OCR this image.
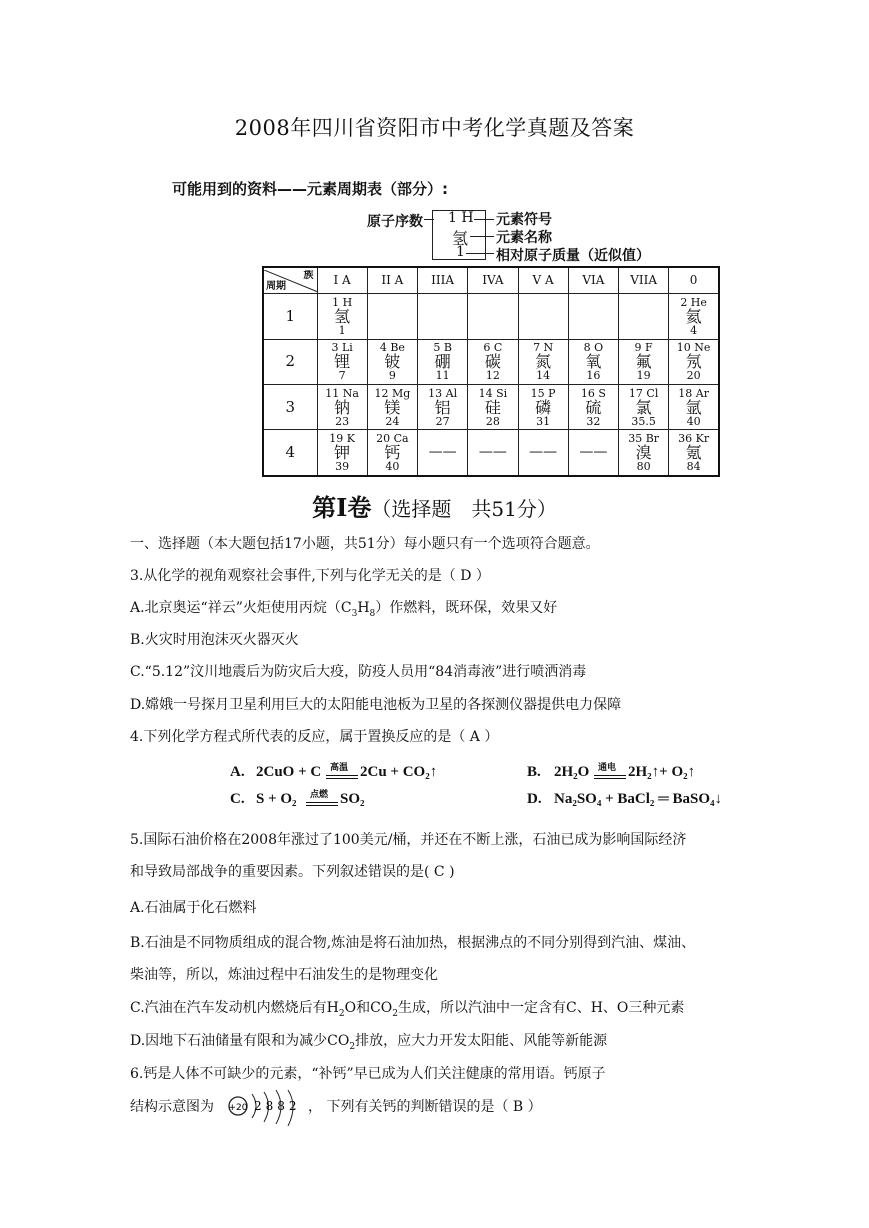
2008年四川省资阳市中考化学真题及答案
可能用到的资料——元素周期表（部分）:
原子序数 1 H
氢
1
元素符号
元素名称
相对原子质量（近似值）
族
周期	I A	II A	IIIA	IVA	V A	VIA	VIIA	0
1	1 H
氢
1							2 He
氦
4

2	3 Li
锂
7	4 Be
铍
9	5 B
硼
11	6 C
碳
12	7 N
氮
14	8 O
氧
16	9 F
氟
19	10 Ne
氖
20

3	11 Na
钠
23	12 Mg
镁
24	13 Al
铝
27	14 Si
硅
28	15 P
磷
31	16 S
硫
32	17 Cl
氯
35.5	18 Ar
氩
40

4	19 K
钾
39	20 Ca
钙
40	——	——	——	——	35 Br
溴
80	36 Kr
氪
84
第Ⅰ卷（选择题　共51分）
一、选择题（本大题包括17小题，共51分）每小题只有一个选项符合题意。
3.从化学的视角观察社会事件,下列与化学无关的是（ D ）
A.北京奥运“祥云”火炬使用丙烷$(C_3H_8)$作燃料，既环保，效果又好
B.火灾时用泡沫灭火器灭火
C.“5.12”汶川地震后为防灾后大疫，防疫人员用“84消毒液”进行喷洒消毒
D.嫦娥一号探月卫星利用巨大的太阳能电池板为卫星的各探测仪器提供电力保障
4.下列化学方程式所代表的反应，属于置换反应的是（ A ）
A. 2CuO + C 高温 2Cu + CO₂↑	B. 2H₂O 通电 2H₂↑+ O₂↑
C. S + O₂ 点燃 SO₂	D. Na₂SO₄ + BaCl₂ ═ BaSO₄↓
5.国际石油价格在2008年涨过了100美元/桶，并还在不断上涨，石油已成为影响国际经济
和导致局部战争的重要因素。下列叙述错误的是( C )
A.石油属于化石燃料
B.石油是不同物质组成的混合物,炼油是将石油加热，根据沸点的不同分别得到汽油、煤油、
柴油等，所以，炼油过程中石油发生的是物理变化
C.汽油在汽车发动机内燃烧后有$H_2O$和$CO_2$生成，所以汽油中一定含有C、H、O三种元素
D.因地下石油储量有限和为减少$CO_2$排放，应大力开发太阳能、风能等新能源
6.钙是人体不可缺少的元素，“补钙”早已成为人们关注健康的常用语。钙原子
结构示意图为	， 下列有关钙的判断错误的是（ B ）
+20 2882
